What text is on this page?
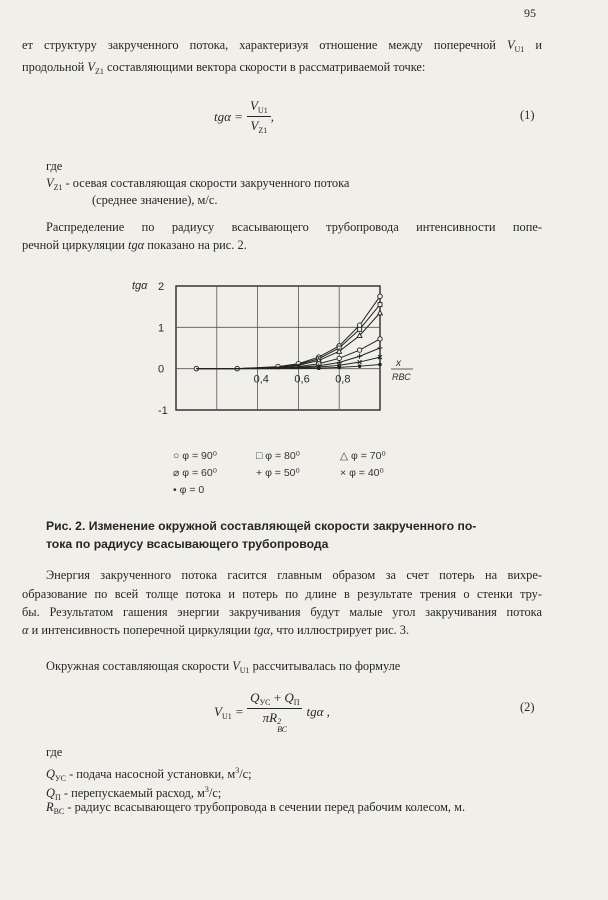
95
ет структуру закрученного потока, характеризуя отношение между поперечной $V_{U1}$ и
продольной $V_{Z1}$ составляющими вектора скорости в рассматриваемой точке:
$tg\alpha = \frac{V_{U1}}{V_{Z1}}$ ,	(1)
где
$V_{Z1}$ - осевая составляющая скорости закрученного потока
(среднее значение), м/с.
Распределение по радиусу всасывающего трубопровода интенсивности попе-
речной циркуляции tgα показано на рис. 2.
tgα 2
1
0
-1
0,4 0,6 0,8
x
RВС
○ φ = 90⁰	□ φ = 80⁰	△ φ = 70⁰
⌀ φ = 60⁰	+ φ = 50⁰	× φ = 40⁰
• φ = 0
Рис. 2. Изменение окружной составляющей скорости закрученного по-
тока по радиусу всасывающего трубопровода
Энергия закрученного потока гасится главным образом за счет потерь на вихре-
образование по всей толще потока и потерь по длине в результате трения о стенки тру-
бы. Результатом гашения энергии закручивания будут малые угол закручивания потока
α и интенсивность поперечной циркуляции tgα, что иллюстрирует рис. 3.
Окружная составляющая скорости $V_{U1}$ рассчитывалась по формуле
$V_{U1} = Q_{УС} + Q_П$
πR 2
ВС tgα ,	(2)
где
$Q_{УС}$ - подача насосной установки, $м^3/с$;
$Q_П$ - перепускаемый расход, $м^3/с$;
$R_{ВС}$ - радиус всасывающего трубопровода в сечении перед рабочим колесом, м.
